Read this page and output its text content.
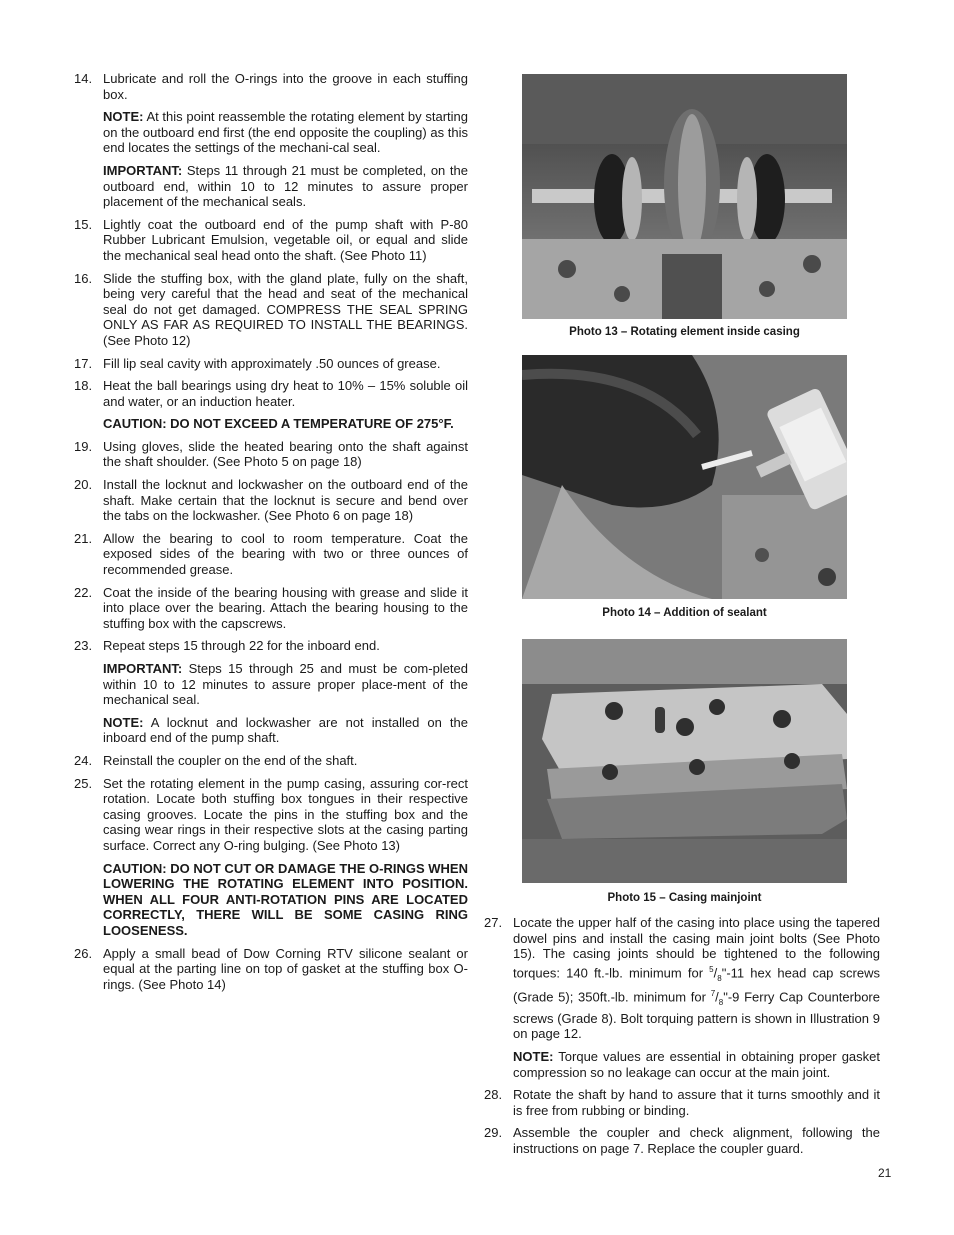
14. Lubricate and roll the O-rings into the groove in each stuffing box.
NOTE: At this point reassemble the rotating element by starting on the outboard end first (the end opposite the coupling) as this end locates the settings of the mechani-cal seal.
IMPORTANT: Steps 11 through 21 must be completed, on the outboard end, within 10 to 12 minutes to assure proper placement of the mechanical seals.
15. Lightly coat the outboard end of the pump shaft with P-80 Rubber Lubricant Emulsion, vegetable oil, or equal and slide the mechanical seal head onto the shaft. (See Photo 11)
16. Slide the stuffing box, with the gland plate, fully on the shaft, being very careful that the head and seat of the mechanical seal do not get damaged. COMPRESS THE SEAL SPRING ONLY AS FAR AS REQUIRED TO INSTALL THE BEARINGS. (See Photo 12)
17. Fill lip seal cavity with approximately .50 ounces of grease.
18. Heat the ball bearings using dry heat to 10% – 15% soluble oil and water, or an induction heater.
CAUTION: DO NOT EXCEED A TEMPERATURE OF 275°F.
19. Using gloves, slide the heated bearing onto the shaft against the shaft shoulder. (See Photo 5 on page 18)
20. Install the locknut and lockwasher on the outboard end of the shaft. Make certain that the locknut is secure and bend over the tabs on the lockwasher. (See Photo 6 on page 18)
21. Allow the bearing to cool to room temperature. Coat the exposed sides of the bearing with two or three ounces of recommended grease.
22. Coat the inside of the bearing housing with grease and slide it into place over the bearing. Attach the bearing housing to the stuffing box with the capscrews.
23. Repeat steps 15 through 22 for the inboard end.
IMPORTANT: Steps 15 through 25 and must be com-pleted within 10 to 12 minutes to assure proper place-ment of the mechanical seal.
NOTE: A locknut and lockwasher are not installed on the inboard end of the pump shaft.
24. Reinstall the coupler on the end of the shaft.
25. Set the rotating element in the pump casing, assuring cor-rect rotation. Locate both stuffing box tongues in their respective casing grooves. Locate the pins in the stuffing box and the casing wear rings in their respective slots at the casing parting surface. Correct any O-ring bulging. (See Photo 13)
CAUTION: DO NOT CUT OR DAMAGE THE O-RINGS WHEN LOWERING THE ROTATING ELEMENT INTO POSITION. WHEN ALL FOUR ANTI-ROTATION PINS ARE LOCATED CORRECTLY, THERE WILL BE SOME CASING RING LOOSENESS.
26. Apply a small bead of Dow Corning RTV silicone sealant or equal at the parting line on top of gasket at the stuffing box O-rings. (See Photo 14)
Photo 13 – Rotating element inside casing
Photo 14 – Addition of sealant
Photo 15 – Casing mainjoint
27. Locate the upper half of the casing into place using the tapered dowel pins and install the casing main joint bolts (See Photo 15). The casing joints should be tightened to the following torques: 140 ft.-lb. minimum for $^5/_8"-11$ hex head cap screws (Grade 5); 350ft.-lb. minimum for $^7/_8"-9$ Ferry Cap Counterbore screws (Grade 8). Bolt torquing pattern is shown in Illustration 9 on page 12.
NOTE: Torque values are essential in obtaining proper gasket compression so no leakage can occur at the main joint.
28. Rotate the shaft by hand to assure that it turns smoothly and it is free from rubbing or binding.
29. Assemble the coupler and check alignment, following the instructions on page 7. Replace the coupler guard.
21
